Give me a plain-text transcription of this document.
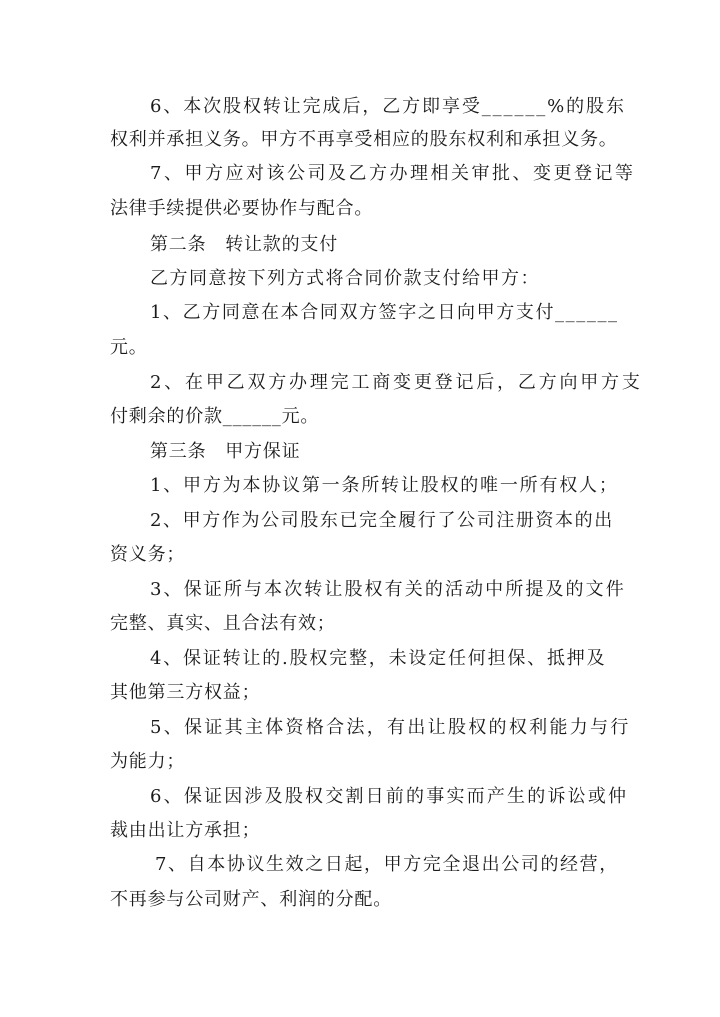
6、本次股权转让完成后，乙方即享受______%的股东
权利并承担义务。甲方不再享受相应的股东权利和承担义务。
7、甲方应对该公司及乙方办理相关审批、变更登记等
法律手续提供必要协作与配合。
第二条　转让款的支付
乙方同意按下列方式将合同价款支付给甲方：
1、乙方同意在本合同双方签字之日向甲方支付______
元。
2、在甲乙双方办理完工商变更登记后，乙方向甲方支
付剩余的价款______元。
第三条　甲方保证
1、甲方为本协议第一条所转让股权的唯一所有权人；
2、甲方作为公司股东已完全履行了公司注册资本的出
资义务；
3、保证所与本次转让股权有关的活动中所提及的文件
完整、真实、且合法有效；
4、保证转让的.股权完整，未设定任何担保、抵押及
其他第三方权益；
5、保证其主体资格合法，有出让股权的权利能力与行
为能力；
6、保证因涉及股权交割日前的事实而产生的诉讼或仲
裁由出让方承担；
7、自本协议生效之日起，甲方完全退出公司的经营，
不再参与公司财产、利润的分配。
